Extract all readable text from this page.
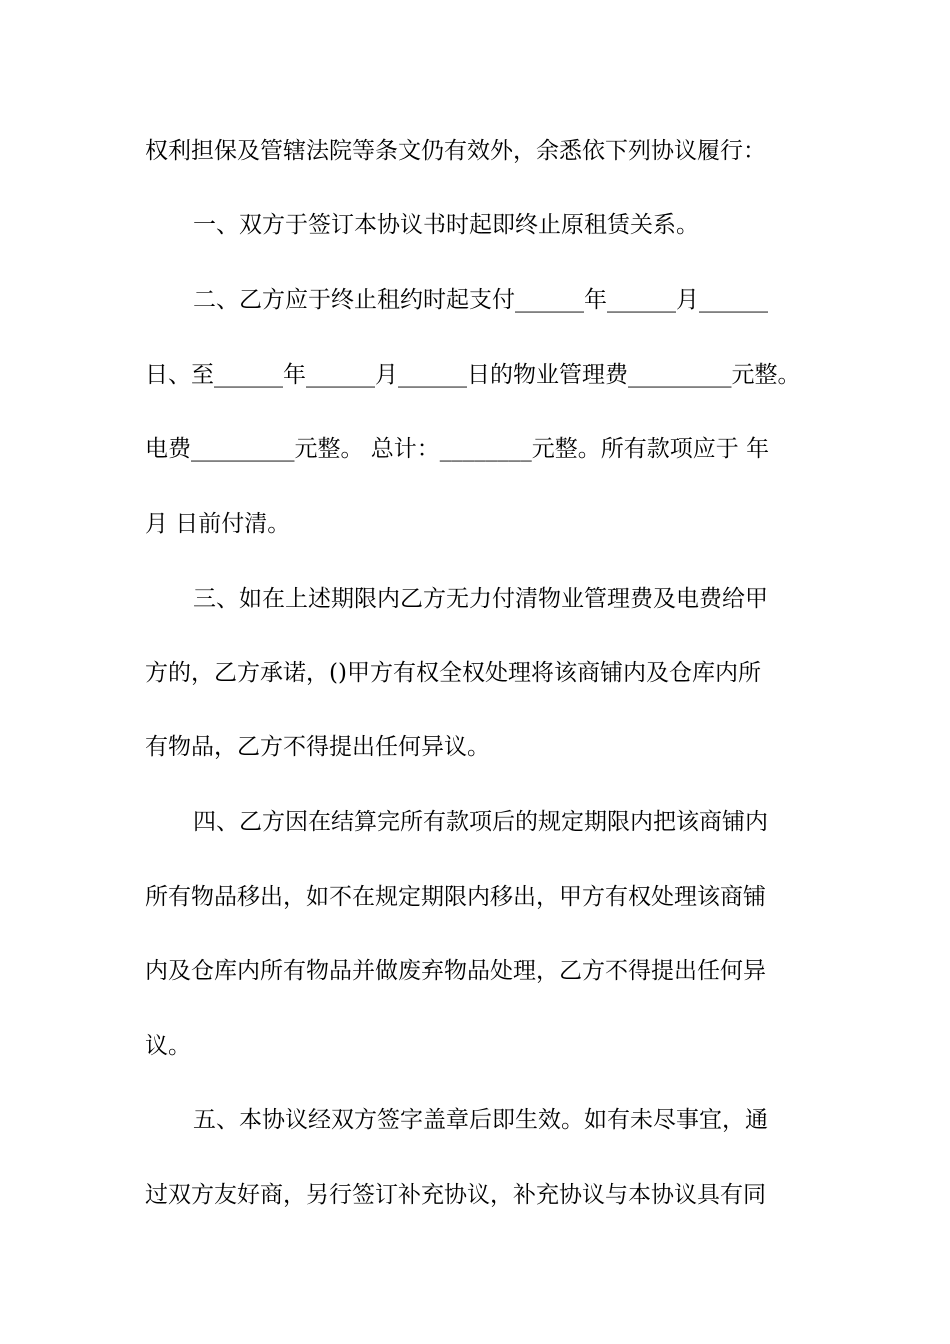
权利担保及管辖法院等条文仍有效外，余悉依下列协议履行：
一、双方于签订本协议书时起即终止原租赁关系。
二、乙方应于终止租约时起支付______年______月______
日、至______年______月______日的物业管理费_________元整。
电费_________元整。 总计：________元整。所有款项应于 年
月 日前付清。
三、如在上述期限内乙方无力付清物业管理费及电费给甲
方的，乙方承诺，()甲方有权全权处理将该商铺内及仓库内所
有物品，乙方不得提出任何异议。
四、乙方因在结算完所有款项后的规定期限内把该商铺内
所有物品移出，如不在规定期限内移出，甲方有权处理该商铺
内及仓库内所有物品并做废弃物品处理，乙方不得提出任何异
议。
五、本协议经双方签字盖章后即生效。如有未尽事宜，通
过双方友好商，另行签订补充协议，补充协议与本协议具有同
